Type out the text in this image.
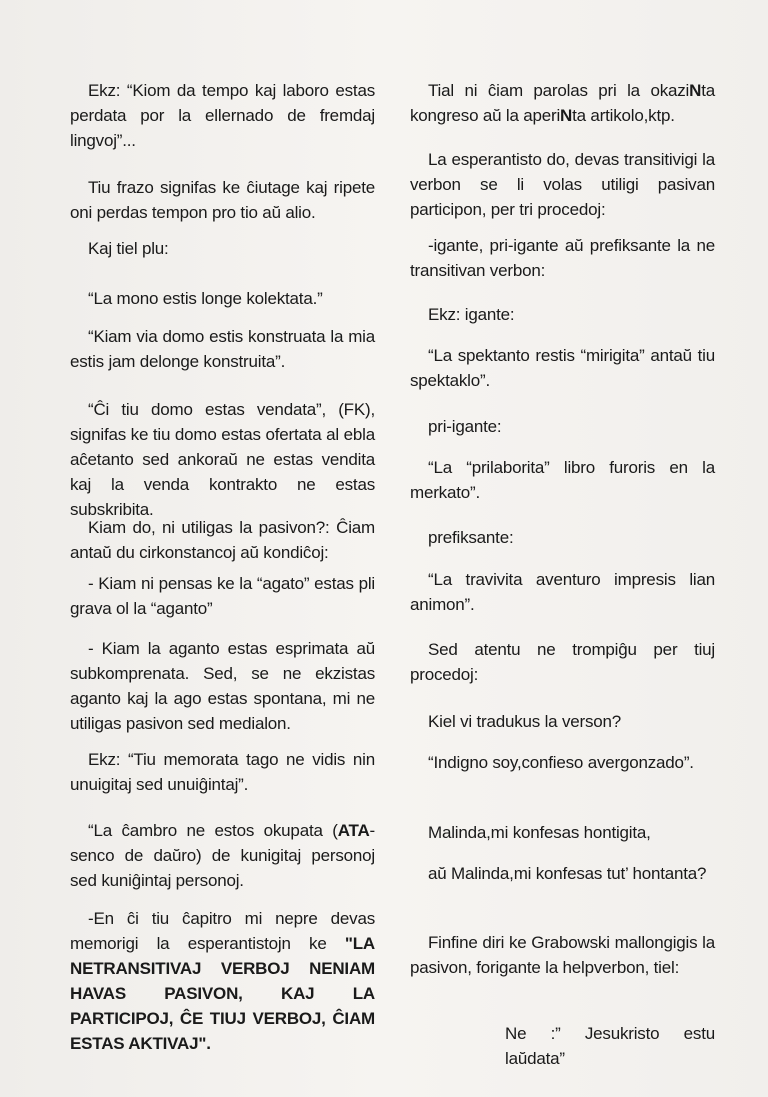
Ekz: “Kiom da tempo kaj laboro estas perdata por la ellernado de fremdaj lingvoj”...

Tiu frazo signifas ke ĉiutage kaj ripete oni perdas tempon pro tio aŭ alio.

Kaj tiel plu:

“La mono estis longe kolektata.”

“Kiam via domo estis konstruata la mia estis jam delonge konstruita”.

“Ĉi tiu domo estas vendata”, (FK), signifas ke tiu domo estas ofertata al ebla aĉetanto sed ankoraŭ ne estas vendita kaj la venda kontrakto ne estas subskribita.

Kiam do, ni utiligas la pasivon?: Ĉiam antaŭ du cirkonstancoj aŭ kondiĉoj:

- Kiam ni pensas ke la “agato” estas pli grava ol la “aganto”

- Kiam la aganto estas esprimata aŭ subkomprenata. Sed, se ne ekzistas aganto kaj la ago estas spontana, mi ne utiligas pasivon sed medialon.

Ekz: “Tiu memorata tago ne vidis nin unuigitaj sed unuiĝintaj”.

“La ĉambro ne estos okupata (ATA-senco de daŭro) de kunigitaj personoj sed kuniĝintaj personoj.

-En ĉi tiu ĉapitro mi nepre devas memorigi la esperantistojn ke "LA NETRANSITIVAJ VERBOJ NENIAM HAVAS PASIVON, KAJ LA PARTICIPOJ, ĈE TIUJ VERBOJ, ĈIAM ESTAS AKTIVAJ".

Tial ni ĉiam parolas pri la okaziNta kongreso aŭ la aperiNta artikolo,ktp.

La esperantisto do, devas transitivigi la verbon se li volas utiligi pasivan participon, per tri procedoj:

-igante, pri-igante aŭ prefiksante la ne transitivan verbon:

Ekz: igante:

“La spektanto restis “mirigita” antaŭ tiu spektaklo”.

pri-igante:

“La “prilaborita” libro furoris en la merkato”.

prefiksante:

“La travivita aventuro impresis lian animon”.

Sed atentu ne trompiĝu per tiuj procedoj:

Kiel vi tradukus la verson?

“Indigno soy,confieso avergonzado”.

Malinda,mi konfesas hontigita,

aŭ Malinda,mi konfesas tut’ hontanta?

Finfine diri ke Grabowski mallongigis la pasivon, forigante la helpverbon, tiel:

Ne :” Jesukristo estu laŭdata”
